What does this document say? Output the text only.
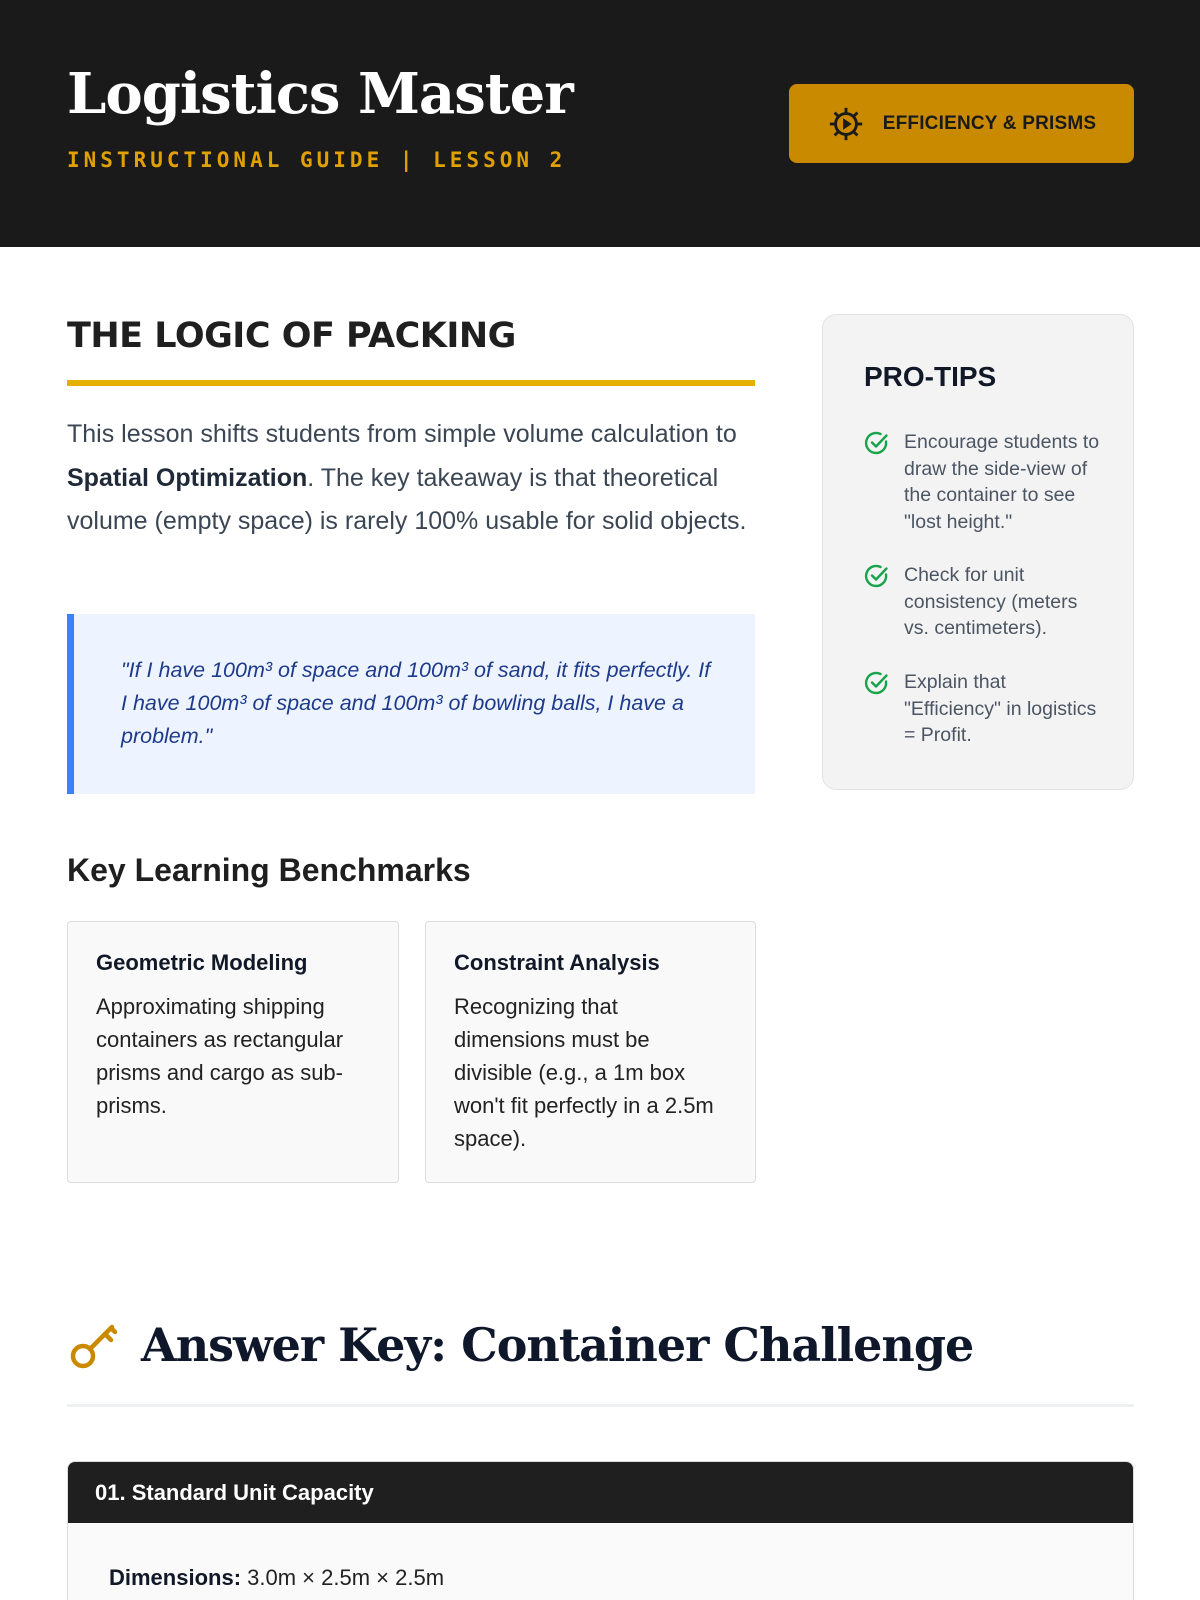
Logistics Master
INSTRUCTIONAL GUIDE | LESSON 2
EFFICIENCY & PRISMS
THE LOGIC OF PACKING

This lesson shifts students from simple volume calculation to Spatial Optimization. The key takeaway is that theoretical volume (empty space) is rarely 100% usable for solid objects.

"If I have 100m³ of space and 100m³ of sand, it fits perfectly. If I have 100m³ of space and 100m³ of bowling balls, I have a problem."

Key Learning Benchmarks
Geometric Modeling
Approximating shipping containers as rectangular prisms and cargo as sub-prisms.
Constraint Analysis
Recognizing that dimensions must be divisible (e.g., a 1m box won't fit perfectly in a 2.5m space).
PRO-TIPS
Encourage students to draw the side-view of the container to see "lost height."
Check for unit consistency (meters vs. centimeters).
Explain that "Efficiency" in logistics = Profit.
Answer Key: Container Challenge
01. Standard Unit Capacity
Dimensions: 3.0m × 2.5m × 2.5m
